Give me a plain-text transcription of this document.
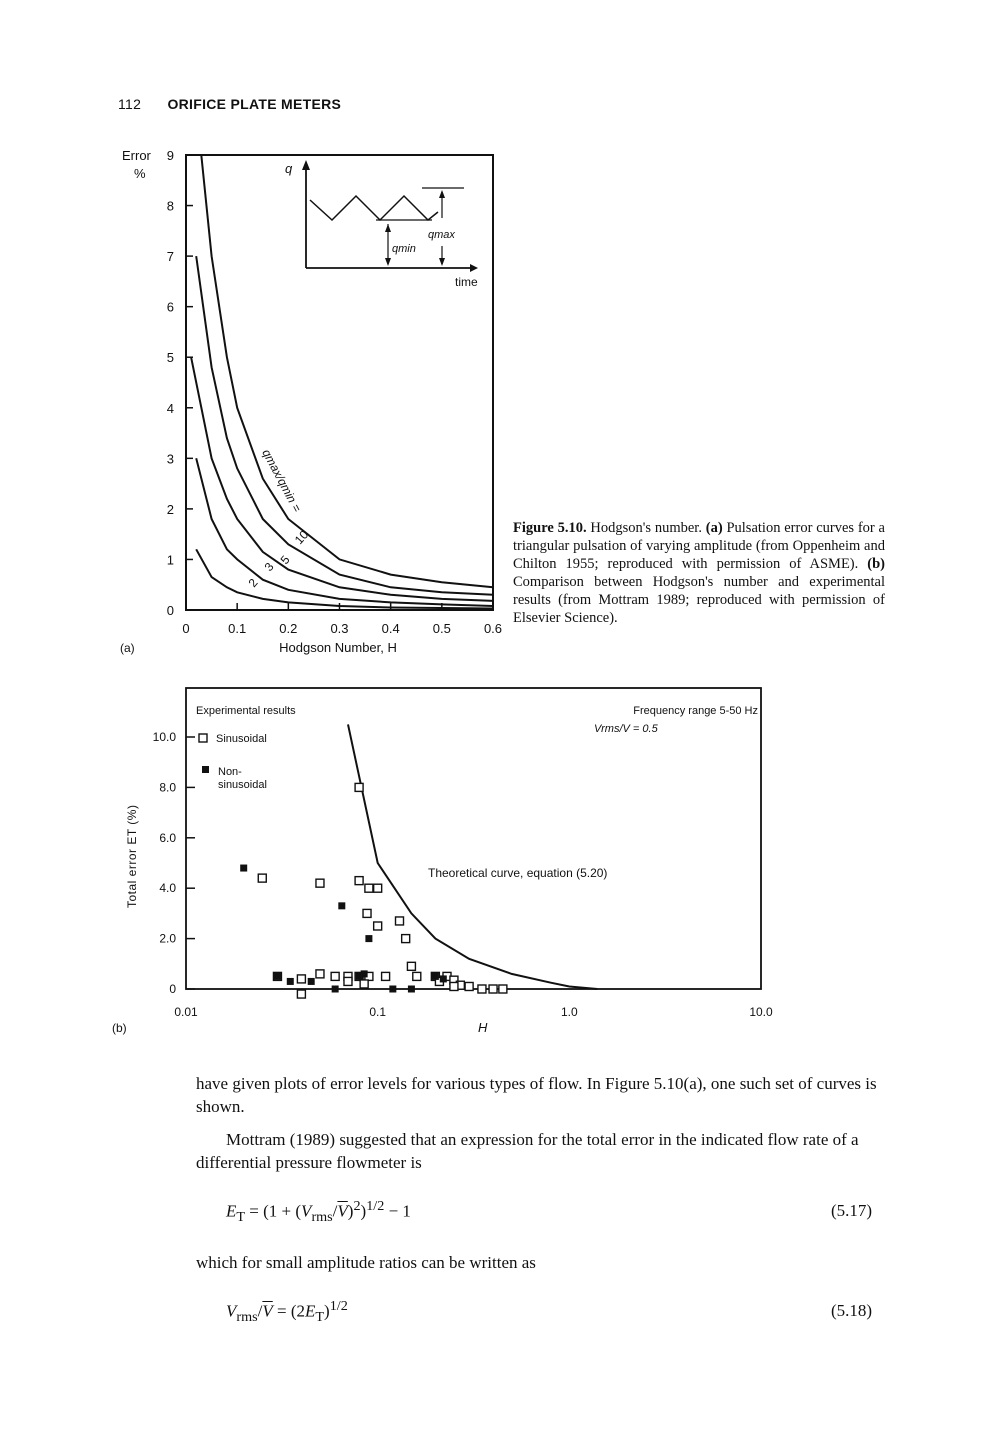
112 ORIFICE PLATE METERS
Error
%
9
8
7
6
5
4
3
2
1
0
0	0.1	0.2	0.3	0.4	0.5	0.6
q
time
qmax
qmin
qmax/qmin =
10
5
3
2
(a)	Hodgson Number, H
Figure 5.10. Hodgson's number. (a) Pulsation error curves for a triangular pulsation of varying amplitude (from Oppenheim and Chilton 1955; reproduced with permission of ASME). (b) Comparison between Hodgson's number and experimental results (from Mottram 1989; reproduced with permission of Elsevier Science).
10.0
8.0
6.0
4.0
2.0
0
0.01	0.1	1.0	10.0
Total error ET (%)
Experimental results
Sinusoidal
Non-
sinusoidal
Frequency range 5-50 Hz
Vrms/V = 0.5
Theoretical curve, equation (5.20)
(b)	H
have given plots of error levels for various types of flow. In Figure 5.10(a), one such set of curves is shown.
Mottram (1989) suggested that an expression for the total error in the indicated flow rate of a differential pressure flowmeter is
$E_T = (1 + (V_{rms}/\overline{V})^2)^{1/2} - 1$	(5.17)
which for small amplitude ratios can be written as
$V_{rms}/\overline{V} = (2E_T)^{1/2}$	(5.18)
